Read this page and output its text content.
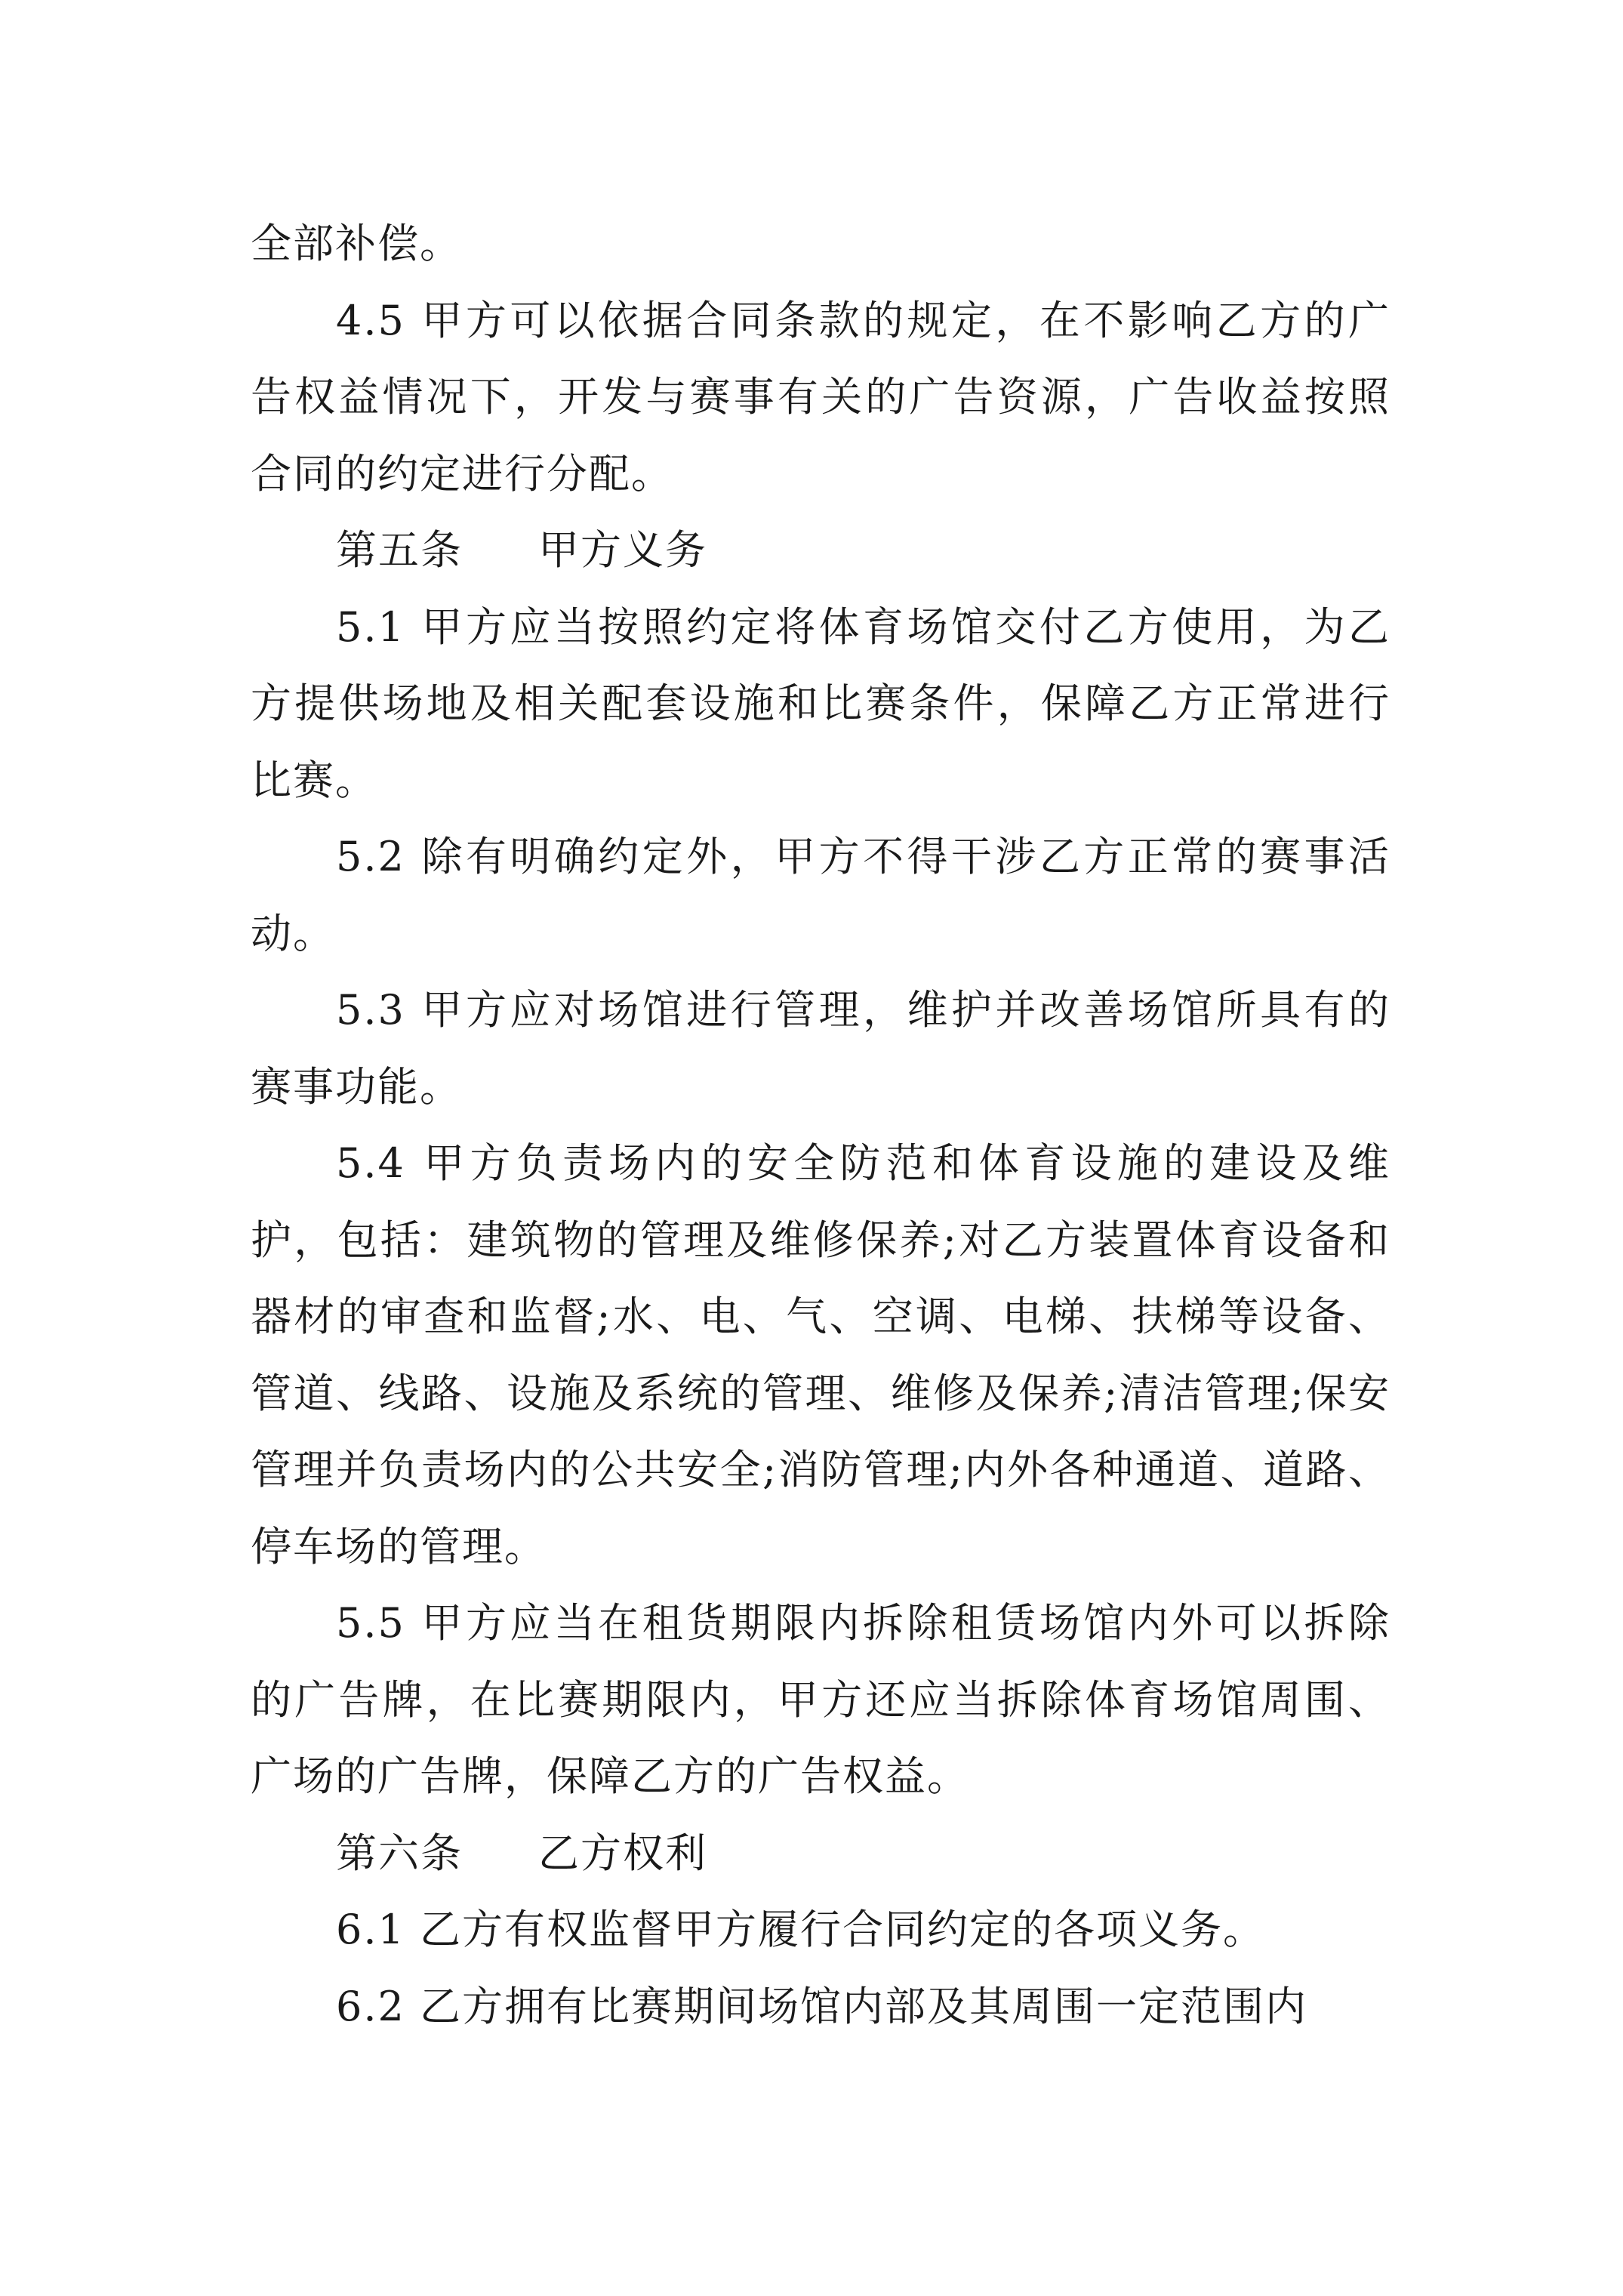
全部补偿。

4.5 甲方可以依据合同条款的规定，在不影响乙方的广告权益情况下，开发与赛事有关的广告资源，广告收益按照合同的约定进行分配。

第五条 甲方义务

5.1 甲方应当按照约定将体育场馆交付乙方使用，为乙方提供场地及相关配套设施和比赛条件，保障乙方正常进行比赛。

5.2 除有明确约定外，甲方不得干涉乙方正常的赛事活动。

5.3 甲方应对场馆进行管理，维护并改善场馆所具有的赛事功能。

5.4 甲方负责场内的安全防范和体育设施的建设及维护，包括：建筑物的管理及维修保养;对乙方装置体育设备和器材的审查和监督;水、电、气、空调、电梯、扶梯等设备、管道、线路、设施及系统的管理、维修及保养;清洁管理;保安管理并负责场内的公共安全;消防管理;内外各种通道、道路、停车场的管理。

5.5 甲方应当在租货期限内拆除租赁场馆内外可以拆除的广告牌，在比赛期限内，甲方还应当拆除体育场馆周围、广场的广告牌，保障乙方的广告权益。

第六条 乙方权利

6.1 乙方有权监督甲方履行合同约定的各项义务。

6.2 乙方拥有比赛期间场馆内部及其周围一定范围内
